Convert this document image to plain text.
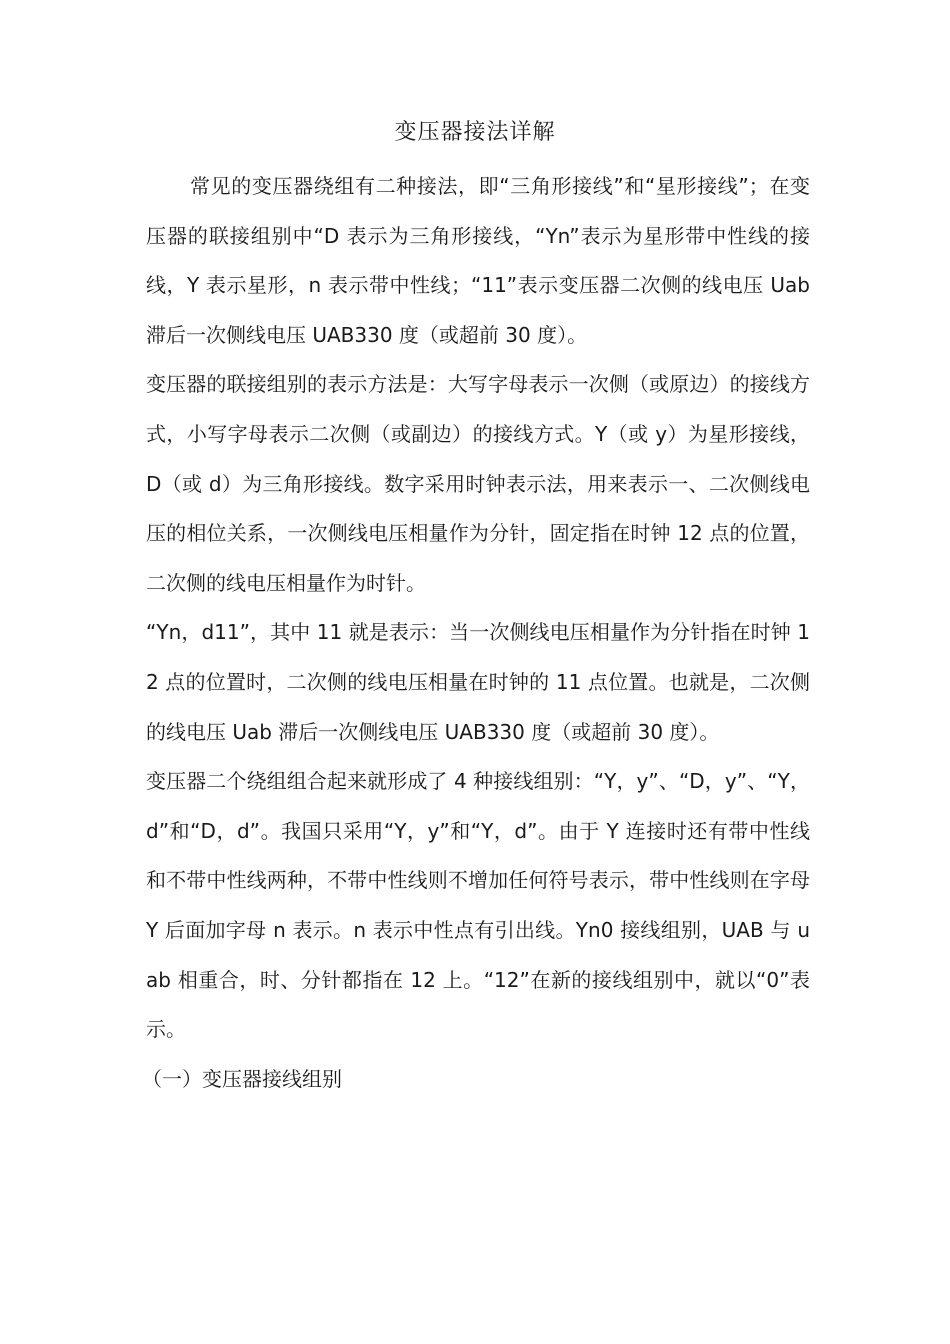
变压器接法详解

常见的变压器绕组有二种接法，即“三角形接线”和“星形接线”；在变压器的联接组别中“D 表示为三角形接线，“Yn”表示为星形带中性线的接线，Y 表示星形，n 表示带中性线；“11”表示变压器二次侧的线电压 Uab 滞后一次侧线电压 UAB330 度（或超前 30 度）。

变压器的联接组别的表示方法是：大写字母表示一次侧（或原边）的接线方式，小写字母表示二次侧（或副边）的接线方式。Y（或 y）为星形接线，D（或 d）为三角形接线。数字采用时钟表示法，用来表示一、二次侧线电压的相位关系，一次侧线电压相量作为分针，固定指在时钟 12 点的位置，二次侧的线电压相量作为时针。

“Yn，d11”，其中 11 就是表示：当一次侧线电压相量作为分针指在时钟 12 点的位置时，二次侧的线电压相量在时钟的 11 点位置。也就是，二次侧的线电压 Uab 滞后一次侧线电压 UAB330 度（或超前 30 度）。

变压器二个绕组组合起来就形成了 4 种接线组别：“Y，y”、“D，y”、“Y，d”和“D，d”。我国只采用“Y，y”和“Y，d”。由于 Y 连接时还有带中性线和不带中性线两种，不带中性线则不增加任何符号表示，带中性线则在字母 Y 后面加字母 n 表示。n 表示中性点有引出线。Yn0 接线组别，UAB 与 uab 相重合，时、分针都指在 12 上。“12”在新的接线组别中，就以“0”表示。

（一）变压器接线组别
